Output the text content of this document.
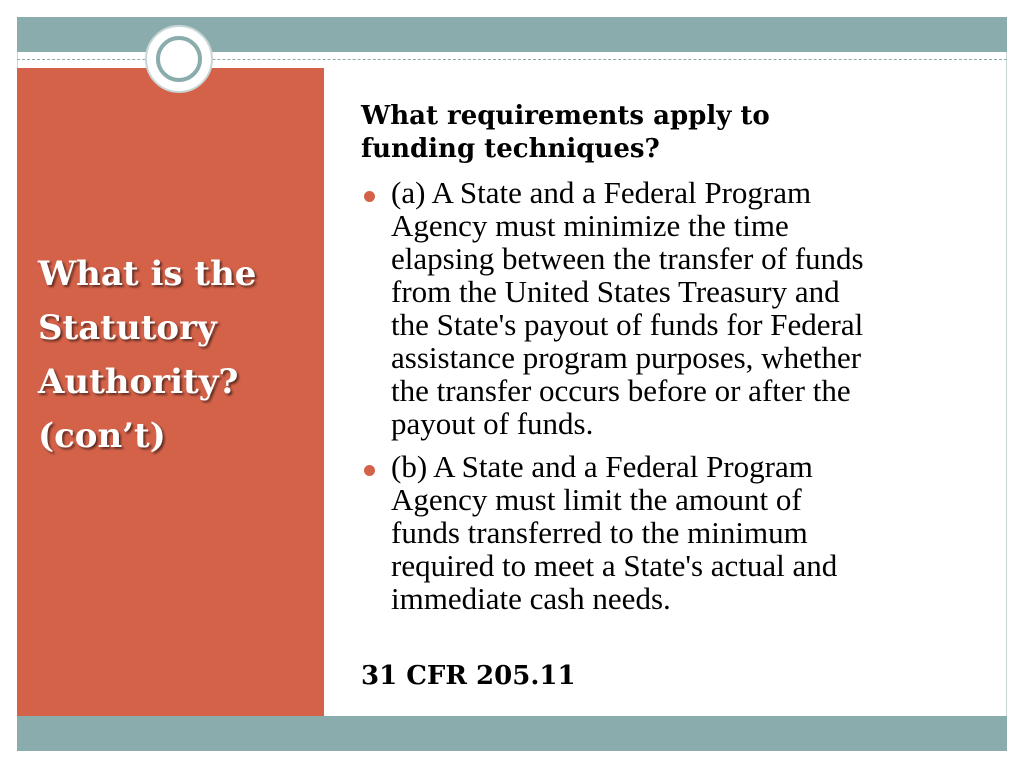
What is the
Statutory
Authority?
(con’t)
What requirements apply to
funding techniques?
(a) A State and a Federal Program
Agency must minimize the time
elapsing between the transfer of funds
from the United States Treasury and
the State's payout of funds for Federal
assistance program purposes, whether
the transfer occurs before or after the
payout of funds.
(b) A State and a Federal Program
Agency must limit the amount of
funds transferred to the minimum
required to meet a State's actual and
immediate cash needs.

31 CFR 205.11
